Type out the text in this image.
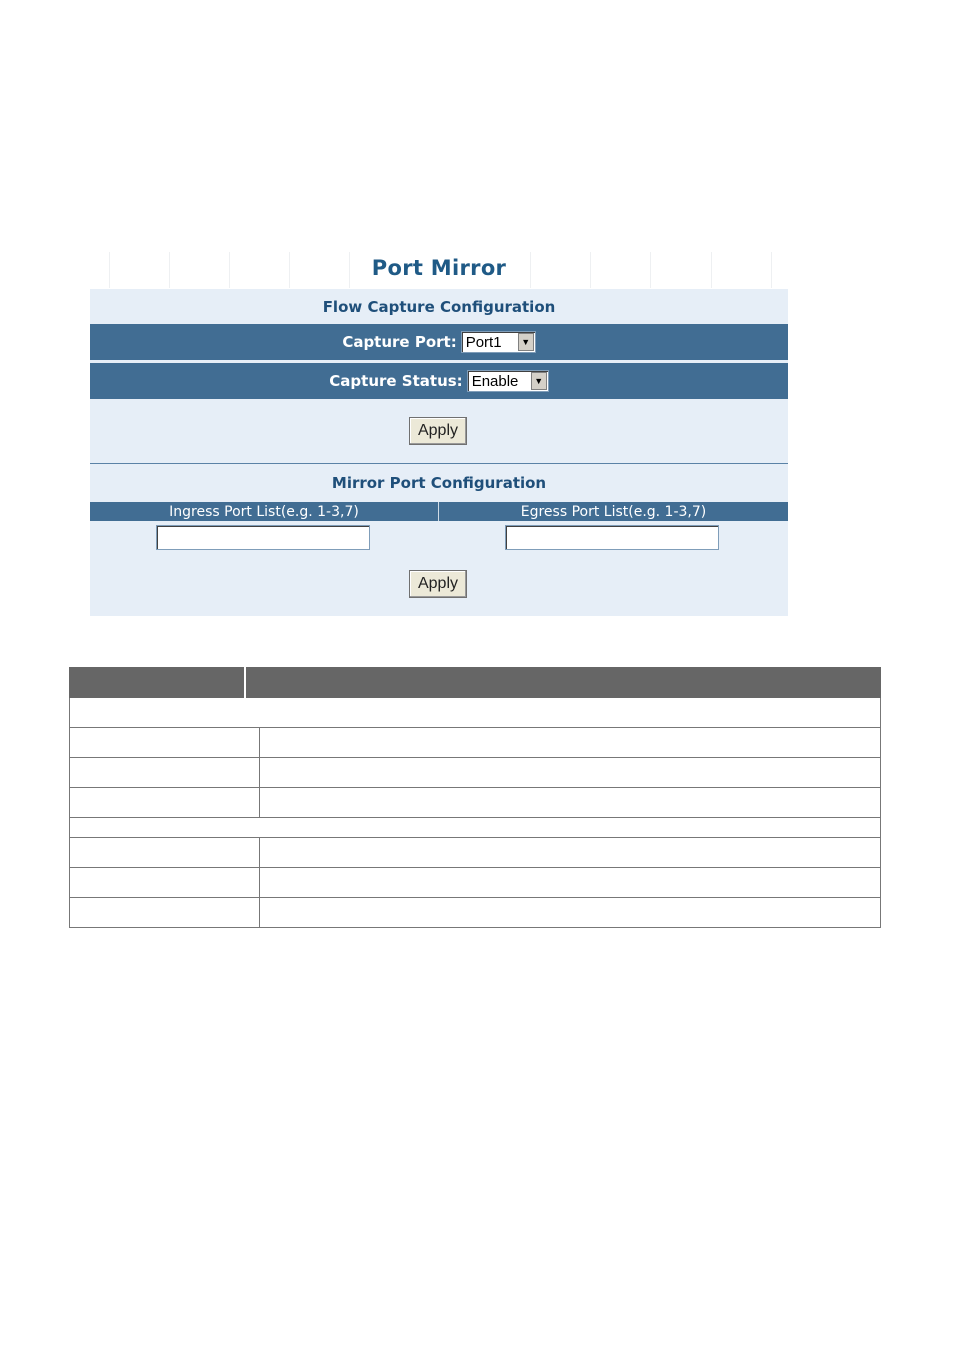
Port Mirror
Flow Capture Configuration
Capture Port: Port1	▼
Capture Status: Enable	▼
Apply
Mirror Port Configuration
Ingress Port List(e.g. 1-3,7)	Egress Port List(e.g. 1-3,7)
Apply
